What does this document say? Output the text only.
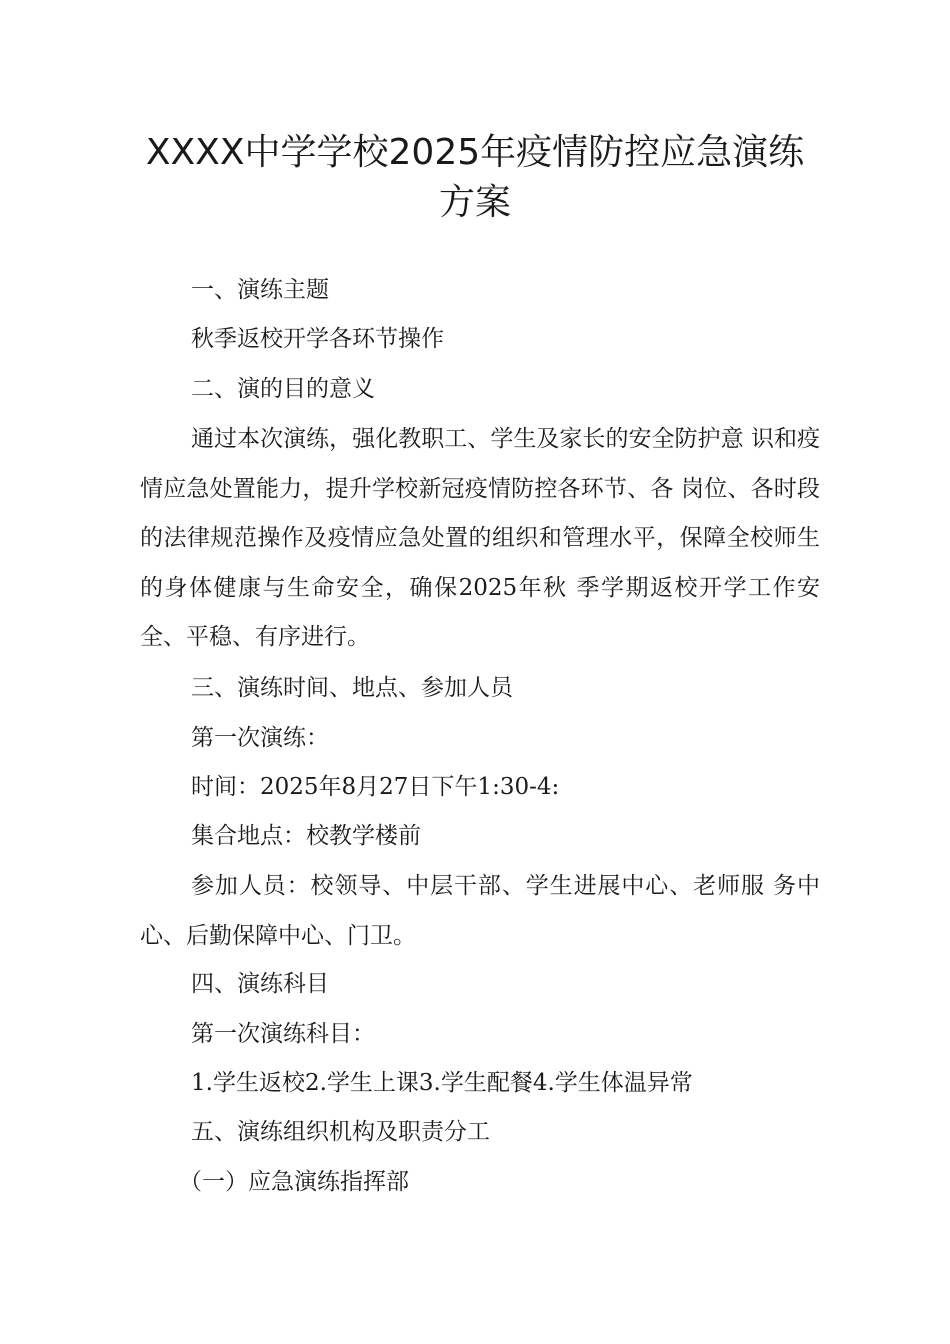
XXXX中学学校2025年疫情防控应急演练方案
一、演练主题
秋季返校开学各环节操作
二、演的目的意义
通过本次演练，强化教职工、学生及家长的安全防护意 识和疫情应急处置能力，提升学校新冠疫情防控各环节、各 岗位、各时段的法律规范操作及疫情应急处置的组织和管理水平，保障全校师生的身体健康与生命安全，确保2025年秋 季学期返校开学工作安全、平稳、有序进行。
三、演练时间、地点、参加人员
第一次演练：
时间：2025年8月27日下午1:30-4:
集合地点：校教学楼前
参加人员：校领导、中层干部、学生进展中心、老师服 务中心、后勤保障中心、门卫。
四、演练科目
第一次演练科目：
1.学生返校2.学生上课3.学生配餐4.学生体温异常
五、演练组织机构及职责分工
（一）应急演练指挥部
